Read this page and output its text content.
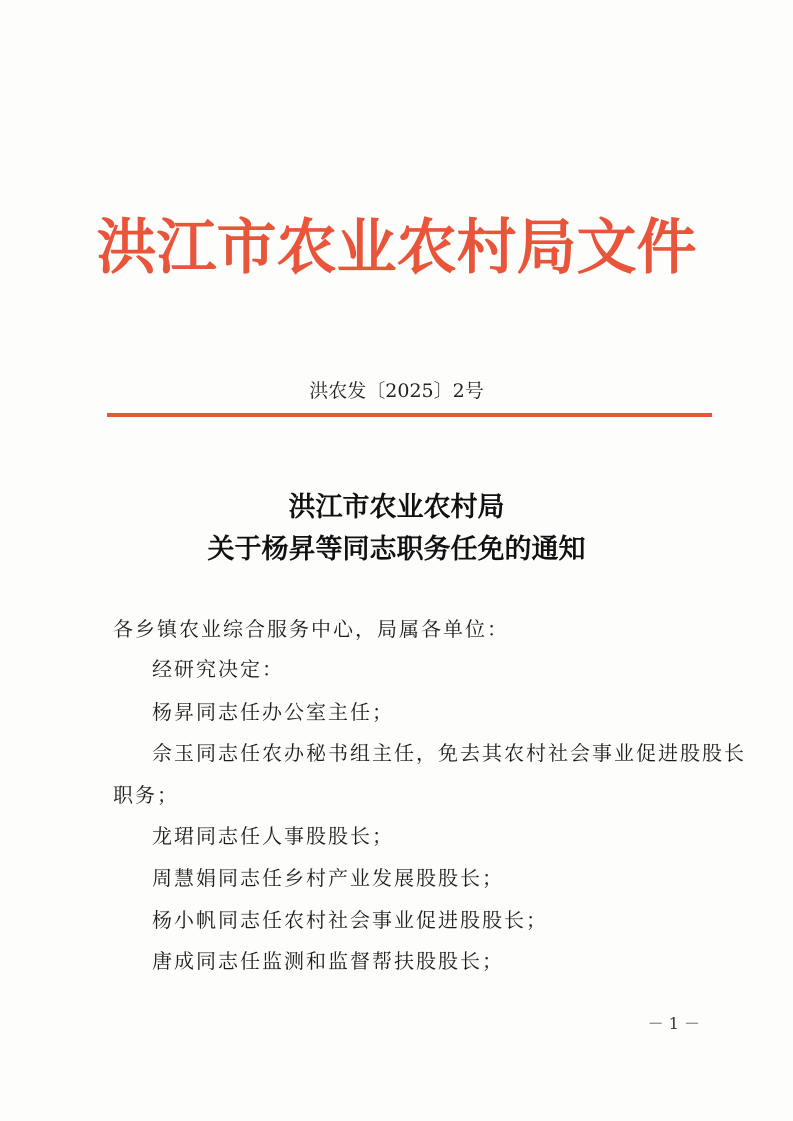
洪江市农业农村局文件
洪农发〔2025〕2号
洪江市农业农村局
关于杨昇等同志职务任免的通知
各乡镇农业综合服务中心，局属各单位：
经研究决定：
杨昇同志任办公室主任；
佘玉同志任农办秘书组主任，免去其农村社会事业促进股股长
职务；
龙珺同志任人事股股长；
周慧娟同志任乡村产业发展股股长；
杨小帆同志任农村社会事业促进股股长；
唐成同志任监测和监督帮扶股股长；
－ 1 －
